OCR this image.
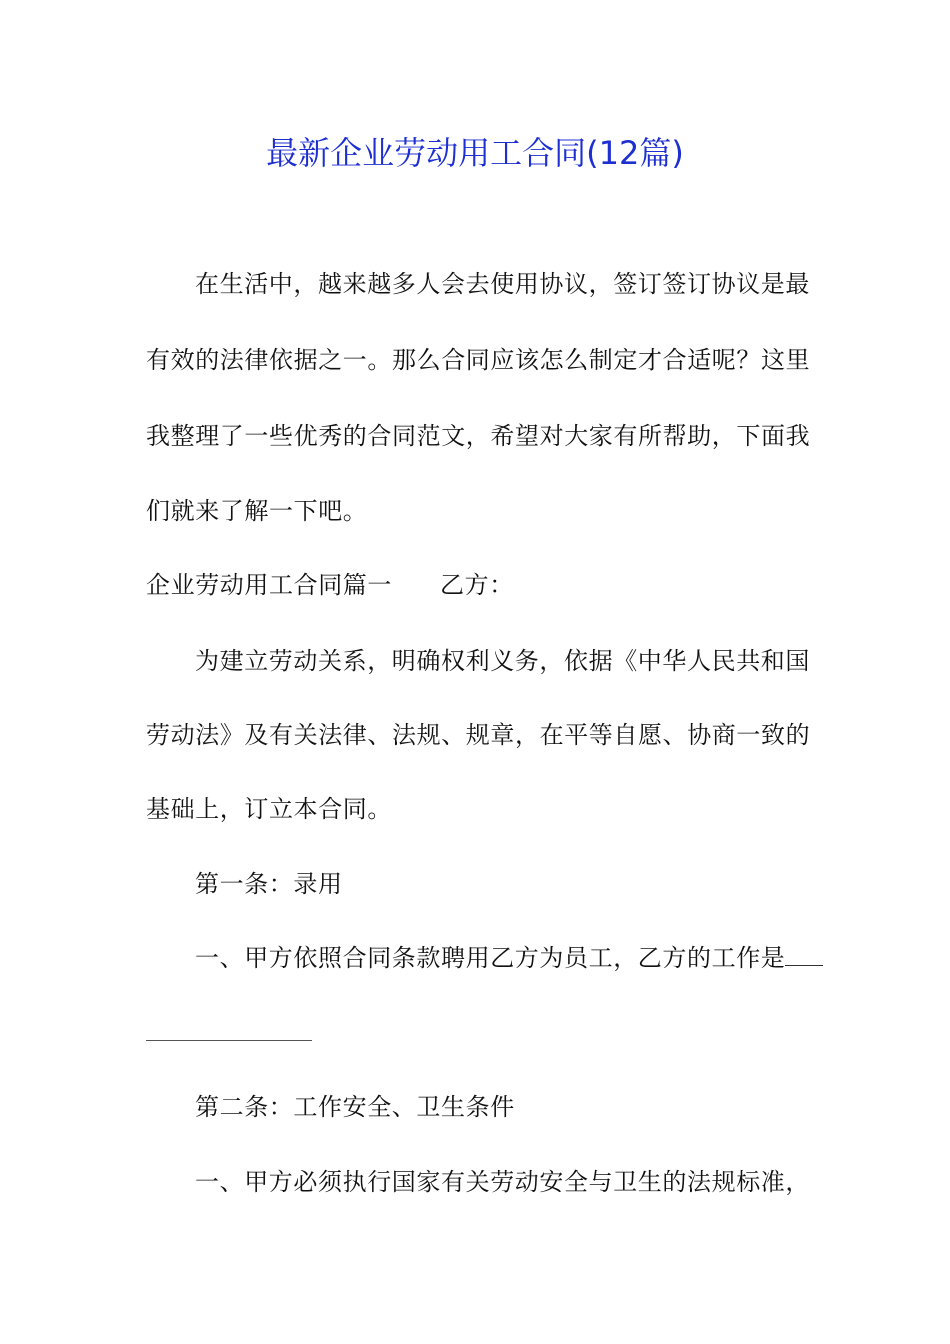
最新企业劳动用工合同(12篇)
在生活中，越来越多人会去使用协议，签订签订协议是最
有效的法律依据之一。那么合同应该怎么制定才合适呢？这里
我整理了一些优秀的合同范文，希望对大家有所帮助，下面我
们就来了解一下吧。
企业劳动用工合同篇一 乙方：
为建立劳动关系，明确权利义务，依据《中华人民共和国
劳动法》及有关法律、法规、规章，在平等自愿、协商一致的
基础上，订立本合同。
第一条：录用
一、甲方依照合同条款聘用乙方为员工，乙方的工作是
第二条：工作安全、卫生条件
一、甲方必须执行国家有关劳动安全与卫生的法规标准，
